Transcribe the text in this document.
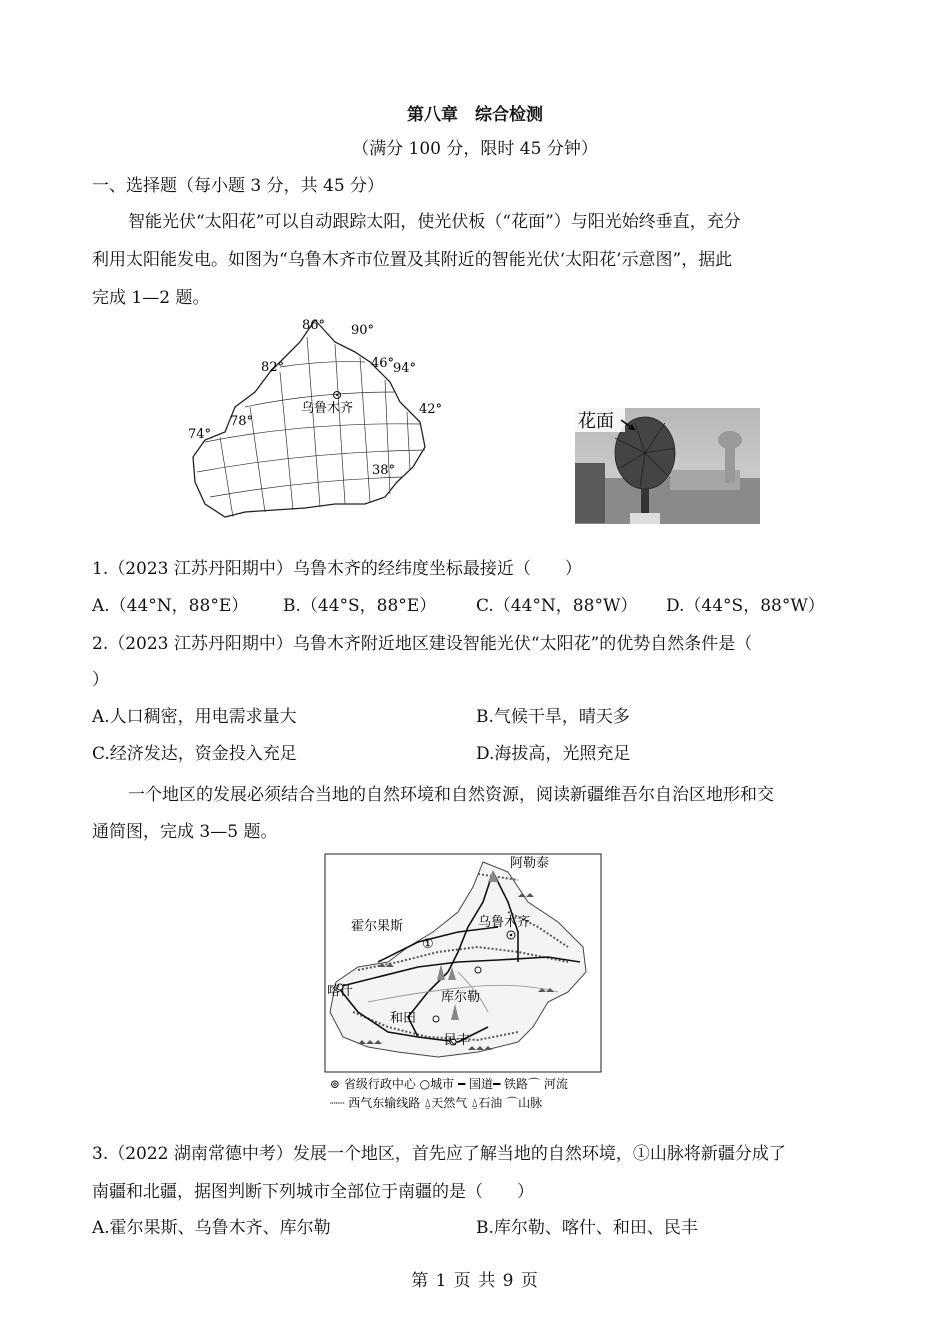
第八章　综合检测
（满分 100 分，限时 45 分钟）
一、选择题（每小题 3 分，共 45 分）
智能光伏“太阳花”可以自动跟踪太阳，使光伏板（“花面”）与阳光始终垂直，充分
利用太阳能发电。如图为“乌鲁木齐市位置及其附近的智能光伏‘太阳花’示意图”，据此
完成 1—2 题。
86° 90°
46°
94°
82°
乌鲁木齐	42°
78°
74°
38°
花面
1.（2023 江苏丹阳期中）乌鲁木齐的经纬度坐标最接近（　　）
A.（44°N，88°E） B.（44°S，88°E） C.（44°N，88°W） D.（44°S，88°W）
2.（2023 江苏丹阳期中）乌鲁木齐附近地区建设智能光伏“太阳花”的优势自然条件是（
）
A.人口稠密，用电需求量大	B.气候干旱，晴天多
C.经济发达，资金投入充足	D.海拔高，光照充足
一个地区的发展必须结合当地的自然环境和自然资源，阅读新疆维吾尔自治区地形和交
通简图，完成 3—5 题。
阿勒泰
霍尔果斯	乌鲁木齐
①
喀什	库尔勒
和田
民丰
⊚ 省级行政中心 ○城市 ━ 国道━ 铁路⌒ 河流
┈┈ 西气东输线路 ⍙天然气 ⍙石油 ⌒山脉
3.（2022 湖南常德中考）发展一个地区，首先应了解当地的自然环境，①山脉将新疆分成了
南疆和北疆，据图判断下列城市全部位于南疆的是（　　）
A.霍尔果斯、乌鲁木齐、库尔勒	B.库尔勒、喀什、和田、民丰
第 1 页 共 9 页
